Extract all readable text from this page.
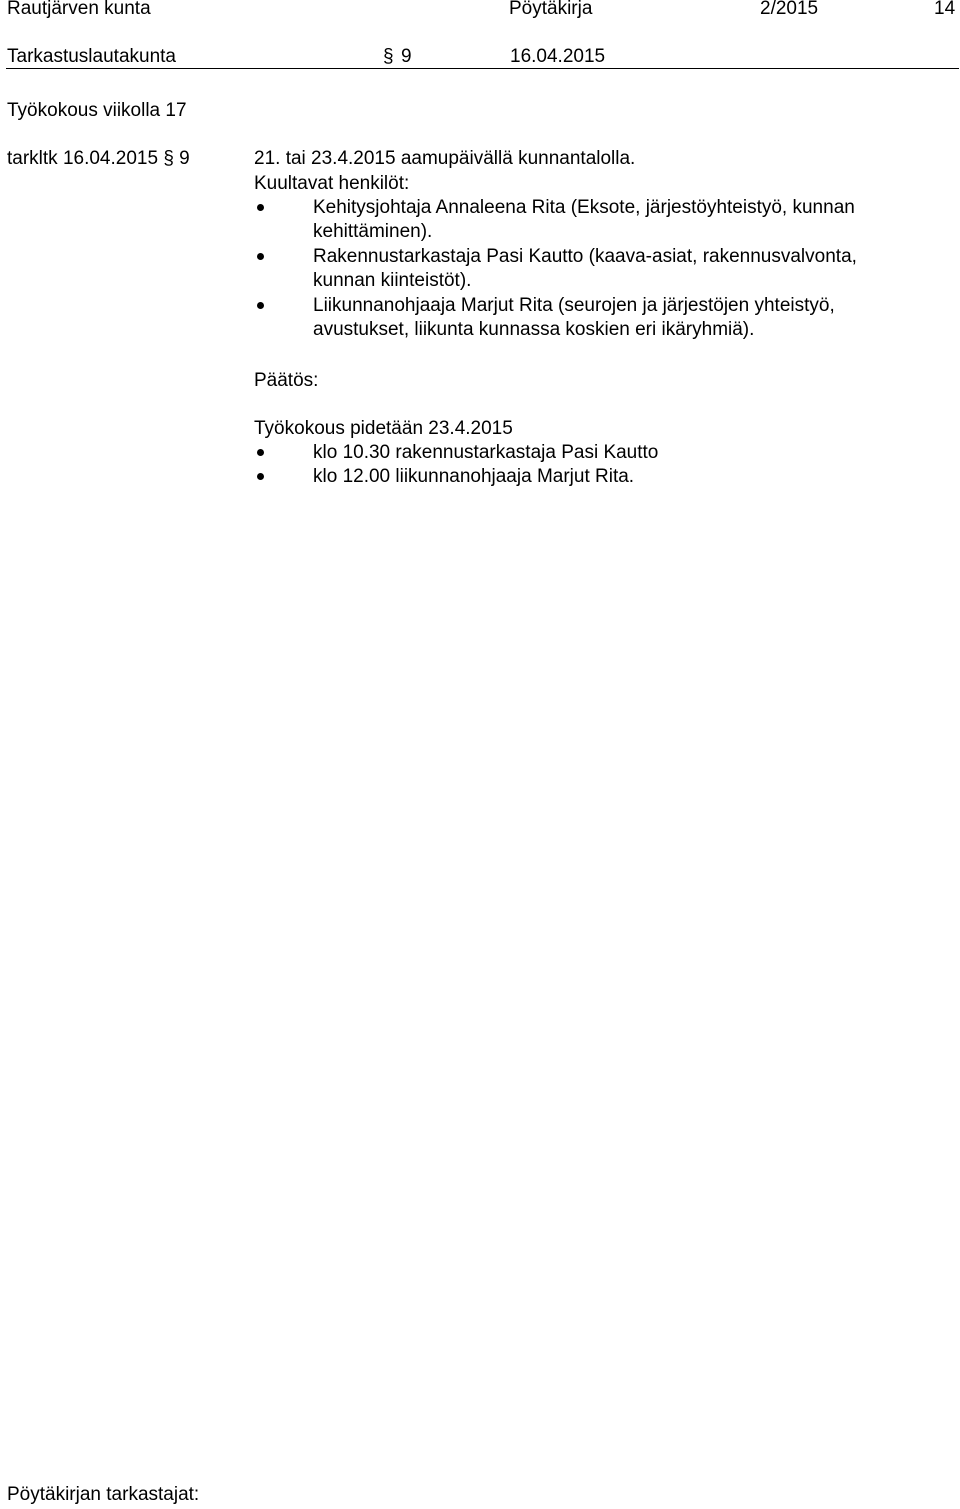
Rautjärven kunta	Pöytäkirja	2/2015	14
Tarkastuslautakunta	§ 9	16.04.2015
Työkokous viikolla 17
tarkltk 16.04.2015 § 9	21. tai 23.4.2015 aamupäivällä kunnantalolla.
Kuultavat henkilöt:
Kehitysjohtaja Annaleena Rita (Eksote, järjestöyhteistyö, kunnan
kehittäminen).
Rakennustarkastaja Pasi Kautto (kaava-asiat, rakennusvalvonta,
kunnan kiinteistöt).
Liikunnanohjaaja Marjut Rita (seurojen ja järjestöjen yhteistyö,
avustukset, liikunta kunnassa koskien eri ikäryhmiä).
Päätös:
Työkokous pidetään 23.4.2015
klo 10.30 rakennustarkastaja Pasi Kautto
klo 12.00 liikunnanohjaaja Marjut Rita.
Pöytäkirjan tarkastajat:
